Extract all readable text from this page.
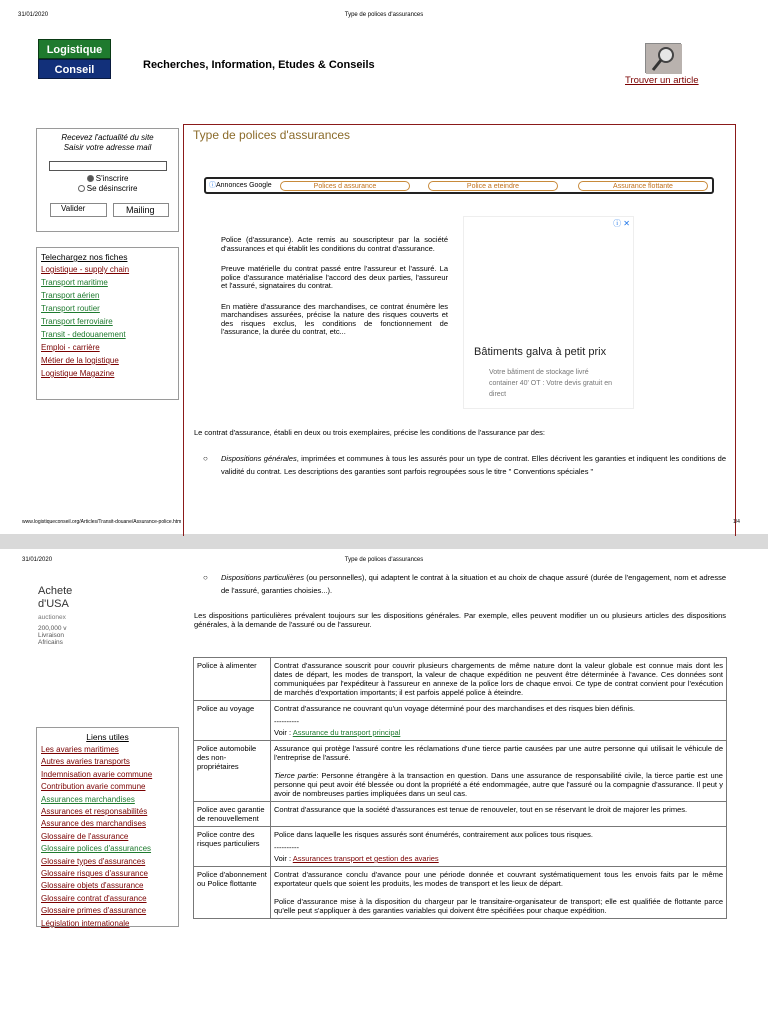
31/01/2020	Type de polices d'assurances
Logistique
Conseil	Recherches, Information, Etudes & Conseils
Trouver un article
Recevez l'actualité du site
Saisir votre adresse mail
S'inscrire
Se désinscrire
Valider	Mailing
Telechargez nos fiches
Logistique - supply chain
Transport maritime
Transport aérien
Transport routier
Transport ferroviaire
Transit - dedouanement
Emploi - carrière
Métier de la logistique
Logistique Magazine
Type de polices d'assurances
ⓘAnnonces Google	Polices d assurance	Police a eteindre	Assurance flottante

Police (d'assurance). Acte remis au souscripteur par la société d'assurances et qui établit les conditions du contrat d'assurance.

Preuve matérielle du contrat passé entre l'assureur et l'assuré. La police d'assurance matérialise l'accord des deux parties, l'assureur et l'assuré, signataires du contrat.

En matière d'assurance des marchandises, ce contrat énumère les marchandises assurées, précise la nature des risques couverts et des risques exclus, les conditions de fonctionnement de l'assurance, la durée du contrat, etc...

ⓘ ✕
Bâtiments galva à petit prix
Votre bâtiment de stockage livré container 40' OT : Votre devis gratuit en direct
Le contrat d'assurance, établi en deux ou trois exemplaires, précise les conditions de l'assurance par des:
○ Dispositions générales, imprimées et communes à tous les assurés pour un type de contrat. Elles décrivent les garanties et indiquent les conditions de validité du contrat. Les descriptions des garanties sont parfois regroupées sous le titre " Conventions spéciales "
www.logistiqueconseil.org/Articles/Transit-douane/Assurance-police.htm	1/4
31/01/2020	Type de polices d'assurances
Achete
d'USA
auctionex
200,000 v
Livraison
Africains
Liens utiles
Les avaries maritimes
Autres avaries transports
Indemnisation avarie commune
Contribution avarie commune
Assurances marchandises
Assurances et responsabilités
Assurance des marchandises
Glossaire de l'assurance
Glossaire polices d'assurances
Glossaire types d'assurances
Glossaire risques d'assurance
Glossaire objets d'assurance
Glossaire contrat d'assurance
Glossaire primes d'assurance
Législation internationale
○ Dispositions particulières (ou personnelles), qui adaptent le contrat à la situation et au choix de chaque assuré (durée de l'engagement, nom et adresse de l'assuré, garanties choisies...).
Les dispositions particulières prévalent toujours sur les dispositions générales. Par exemple, elles peuvent modifier un ou plusieurs articles des dispositions générales, à la demande de l'assuré ou de l'assureur.
Police à alimenter	Contrat d'assurance souscrit pour couvrir plusieurs chargements de même nature dont la valeur globale est connue mais dont les dates de départ, les modes de transport, la valeur de chaque expédition ne peuvent être déterminée à l'avance. Ces données sont communiquées par l'expéditeur à l'assureur en annexe de la police lors de chaque envoi. Ce type de contrat convient pour l'exécution de marchés d'exportation importants; il est parfois appelé police à éteindre.

Police au voyage	Contrat d'assurance ne couvrant qu'un voyage déterminé pour des marchandises et des risques bien définis.
----------
Voir : Assurance du transport principal

Police automobile des non-propriétaires	Assurance qui protège l'assuré contre les réclamations d'une tierce partie causées par une autre personne qui utilisait le véhicule de l'entreprise de l'assuré.
Tierce partie: Personne étrangère à la transaction en question. Dans une assurance de responsabilité civile, la tierce partie est une personne qui peut avoir été blessée ou dont la propriété a été endommagée, autre que l'assuré ou la compagnie d'assurance. Il peut y avoir de nombreuses parties impliquées dans un seul cas.

Police avec garantie de renouvellement	Contrat d'assurance que la société d'assurances est tenue de renouveler, tout en se réservant le droit de majorer les primes.

Police contre des risques particuliers	Police dans laquelle les risques assurés sont énumérés, contrairement aux polices tous risques.
----------
Voir : Assurances transport et gestion des avaries

Police d'abonnement ou Police flottante	Contrat d'assurance conclu d'avance pour une période donnée et couvrant systématiquement tous les envois faits par le même exportateur quels que soient les produits, les modes de transport et les lieux de départ.
Police d'assurance mise à la disposition du chargeur par le transitaire-organisateur de transport; elle est qualifiée de flottante parce qu'elle peut s'appliquer à des garanties variables qui doivent être spécifiées pour chaque expédition.
